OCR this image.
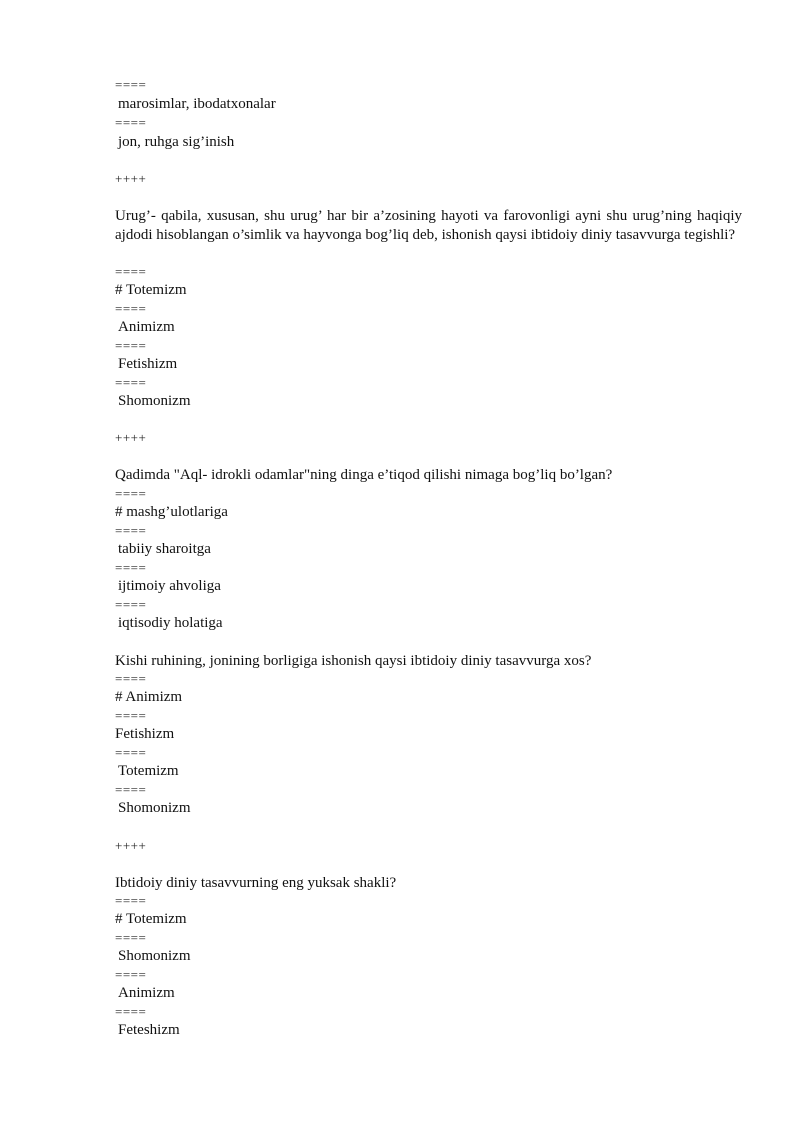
====
marosimlar, ibodatxonalar
====
jon, ruhga sig’inish
++++
Urug’- qabila, xususan, shu urug’ har bir a’zosining hayoti va farovonligi ayni shu urug’ning haqiqiy ajdodi hisoblangan o’simlik va hayvonga bog’liq deb, ishonish qaysi ibtidoiy diniy tasavvurga tegishli?
====
# Totemizm
====
Animizm
====
Fetishizm
====
Shomonizm
++++
Qadimda "Aql- idrokli odamlar"ning dinga e’tiqod qilishi nimaga bog’liq bo’lgan?
====
# mashg’ulotlariga
====
tabiiy sharoitga
====
ijtimoiy ahvoliga
====
iqtisodiy holatiga
Kishi ruhining, jonining borligiga ishonish qaysi ibtidoiy diniy tasavvurga xos?
====
# Animizm
====
Fetishizm
====
Totemizm
====
Shomonizm
++++
Ibtidoiy diniy tasavvurning eng yuksak shakli?
====
# Totemizm
====
Shomonizm
====
Animizm
====
Feteshizm
